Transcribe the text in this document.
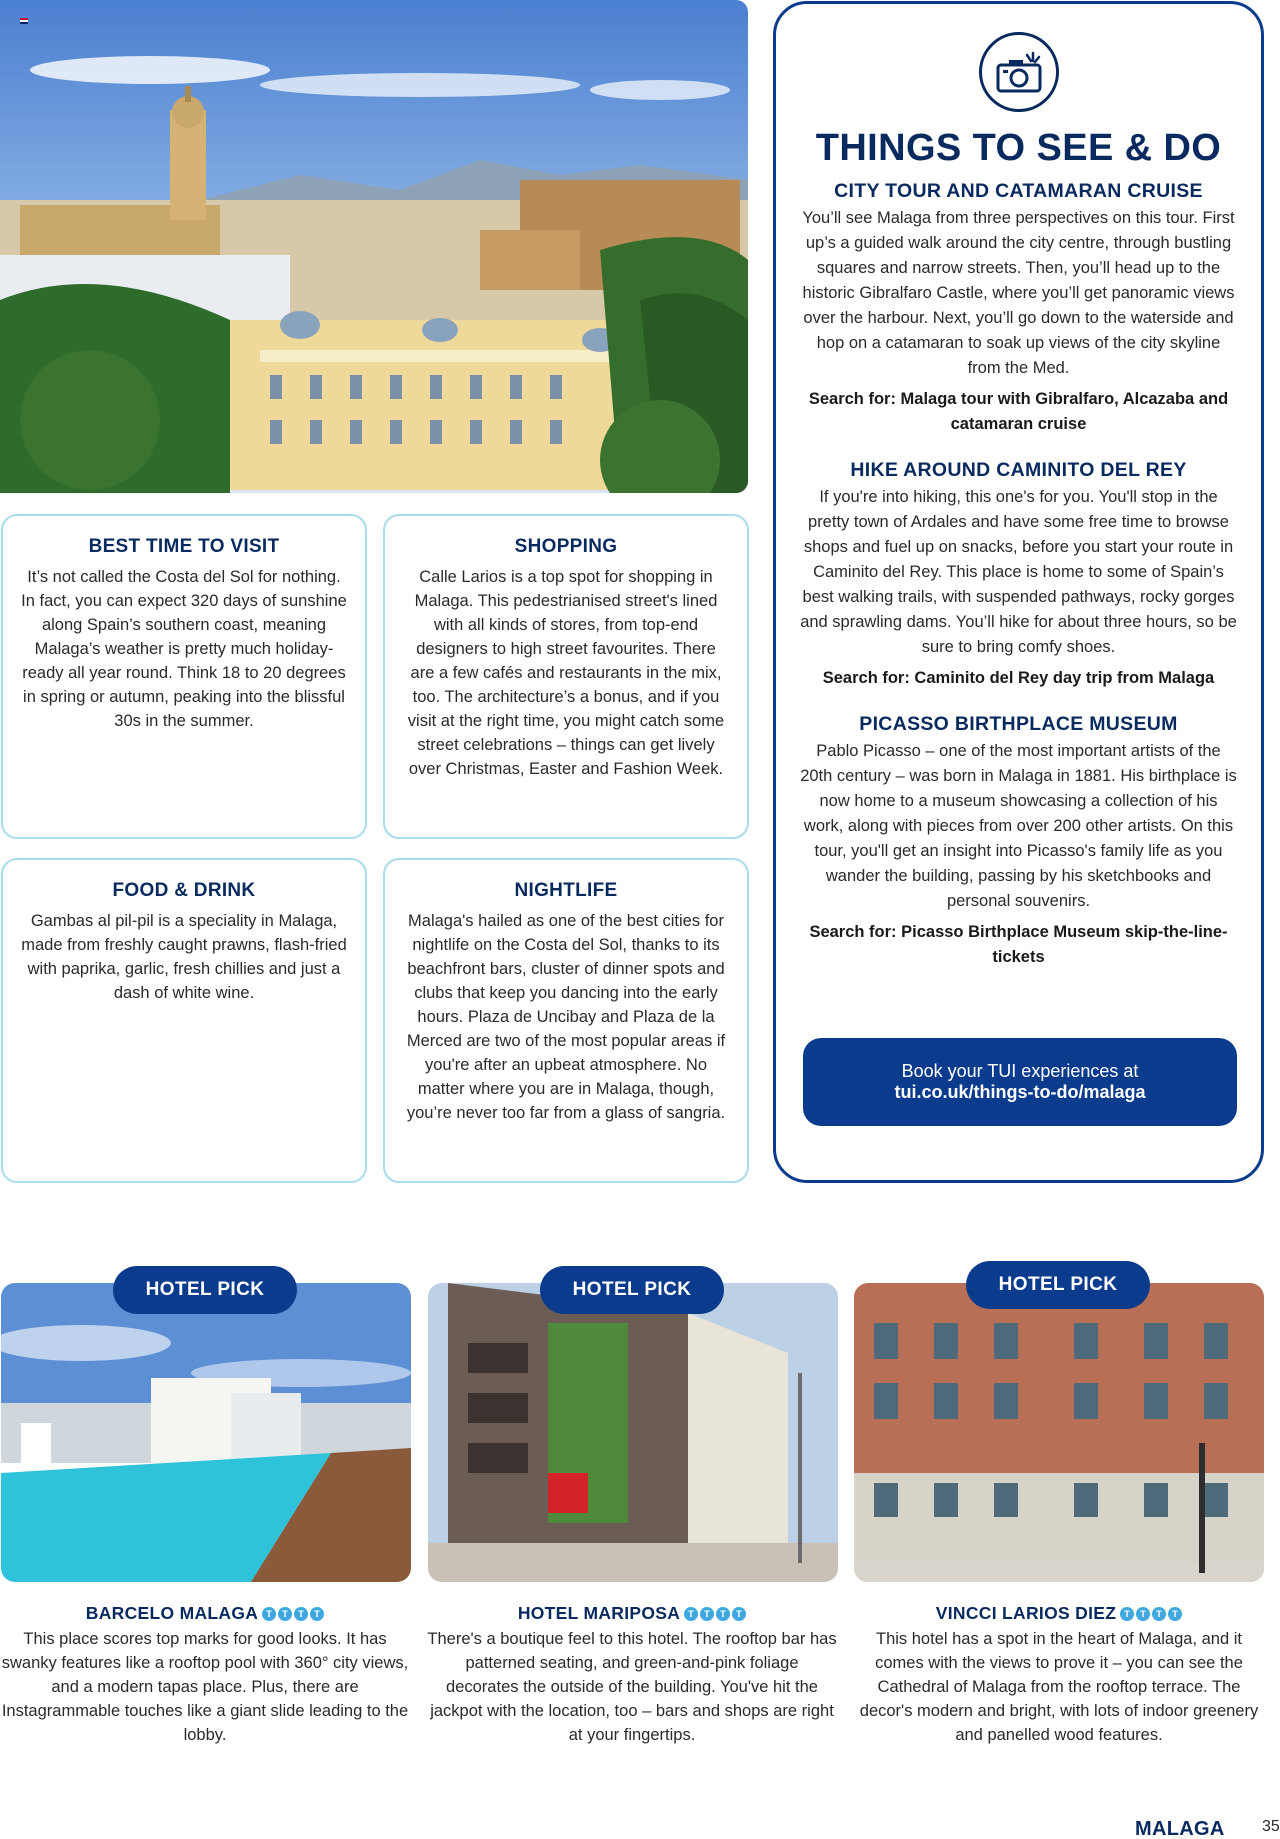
BEST TIME TO VISIT

It’s not called the Costa del Sol for nothing. In fact, you can expect 320 days of sunshine along Spain’s southern coast, meaning Malaga’s weather is pretty much holiday-ready all year round. Think 18 to 20 degrees in spring or autumn, peaking into the blissful 30s in the summer.

SHOPPING

Calle Larios is a top spot for shopping in Malaga. This pedestrianised street's lined with all kinds of stores, from top-end designers to high street favourites. There are a few cafés and restaurants in the mix, too. The architecture’s a bonus, and if you visit at the right time, you might catch some street celebrations – things can get lively over Christmas, Easter and Fashion Week.

FOOD & DRINK

Gambas al pil-pil is a speciality in Malaga, made from freshly caught prawns, flash-fried with paprika, garlic, fresh chillies and just a dash of white wine.

NIGHTLIFE

Malaga's hailed as one of the best cities for nightlife on the Costa del Sol, thanks to its beachfront bars, cluster of dinner spots and clubs that keep you dancing into the early hours. Plaza de Uncibay and Plaza de la Merced are two of the most popular areas if you're after an upbeat atmosphere. No matter where you are in Malaga, though, you’re never too far from a glass of sangria.

THINGS TO SEE & DO
CITY TOUR AND CATAMARAN CRUISE

You’ll see Malaga from three perspectives on this tour. First up’s a guided walk around the city centre, through bustling squares and narrow streets. Then, you’ll head up to the historic Gibralfaro Castle, where you’ll get panoramic views over the harbour. Next, you’ll go down to the waterside and hop on a catamaran to soak up views of the city skyline from the Med.

Search for: Malaga tour with Gibralfaro, Alcazaba and catamaran cruise

HIKE AROUND CAMINITO DEL REY

If you're into hiking, this one's for you. You'll stop in the pretty town of Ardales and have some free time to browse shops and fuel up on snacks, before you start your route in Caminito del Rey. This place is home to some of Spain’s best walking trails, with suspended pathways, rocky gorges and sprawling dams. You’ll hike for about three hours, so be sure to bring comfy shoes.

Search for: Caminito del Rey day trip from Malaga

PICASSO BIRTHPLACE MUSEUM

Pablo Picasso – one of the most important artists of the 20th century – was born in Malaga in 1881. His birthplace is now home to a museum showcasing a collection of his work, along with pieces from over 200 other artists. On this tour, you'll get an insight into Picasso's family life as you wander the building, passing by his sketchbooks and personal souvenirs.

Search for: Picasso Birthplace Museum skip-the-line-tickets

Book your TUI experiences at
tui.co.uk/things-to-do/malaga
HOTEL PICK
BARCELO MALAGA T	T	T	T

This place scores top marks for good looks. It has swanky features like a rooftop pool with 360° city views, and a modern tapas place. Plus, there are Instagrammable touches like a giant slide leading to the lobby.

HOTEL PICK
HOTEL MARIPOSA T	T	T	T

There's a boutique feel to this hotel. The rooftop bar has patterned seating, and green-and-pink foliage decorates the outside of the building. You've hit the jackpot with the location, too – bars and shops are right at your fingertips.

HOTEL PICK
VINCCI LARIOS DIEZ T	T	T	T

This hotel has a spot in the heart of Malaga, and it comes with the views to prove it – you can see the Cathedral of Malaga from the rooftop terrace. The decor's modern and bright, with lots of indoor greenery and panelled wood features.

MALAGA 35
